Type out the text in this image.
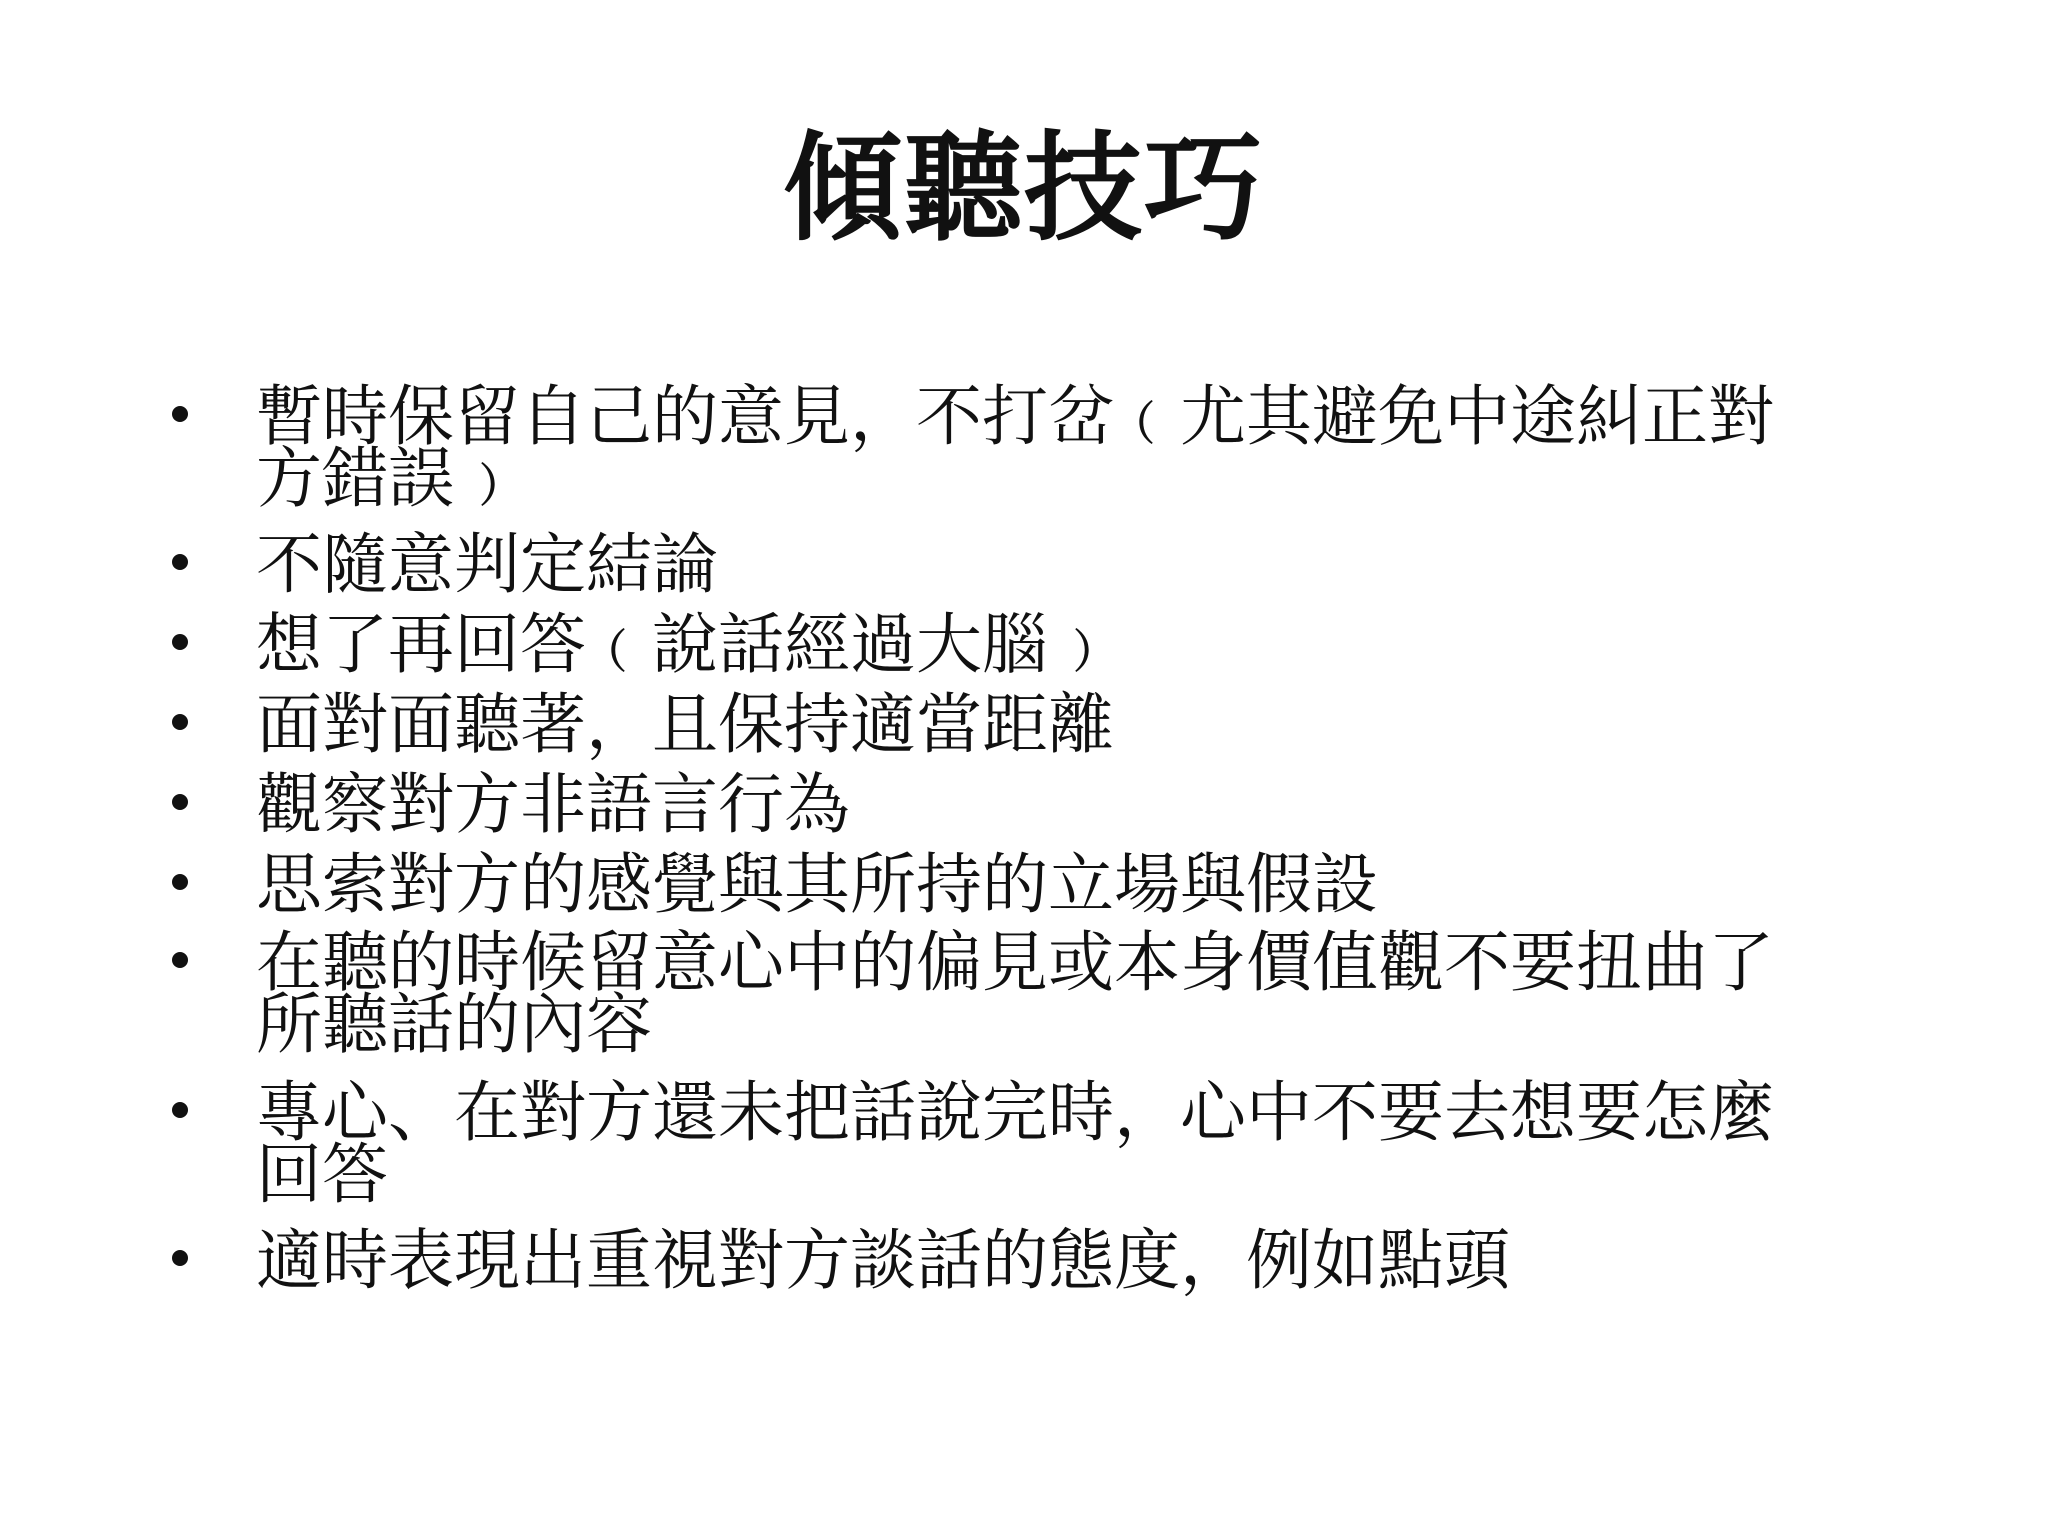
傾聽技巧
暫時保留自己的意見，不打岔﹙尤其避免中途糾正對
方錯誤﹚
不隨意判定結論
想了再回答﹙說話經過大腦﹚
面對面聽著，且保持適當距離
觀察對方非語言行為
思索對方的感覺與其所持的立場與假設
在聽的時候留意心中的偏見或本身價值觀不要扭曲了
所聽話的內容
專心、在對方還未把話說完時，心中不要去想要怎麼
回答
適時表現出重視對方談話的態度，例如點頭
